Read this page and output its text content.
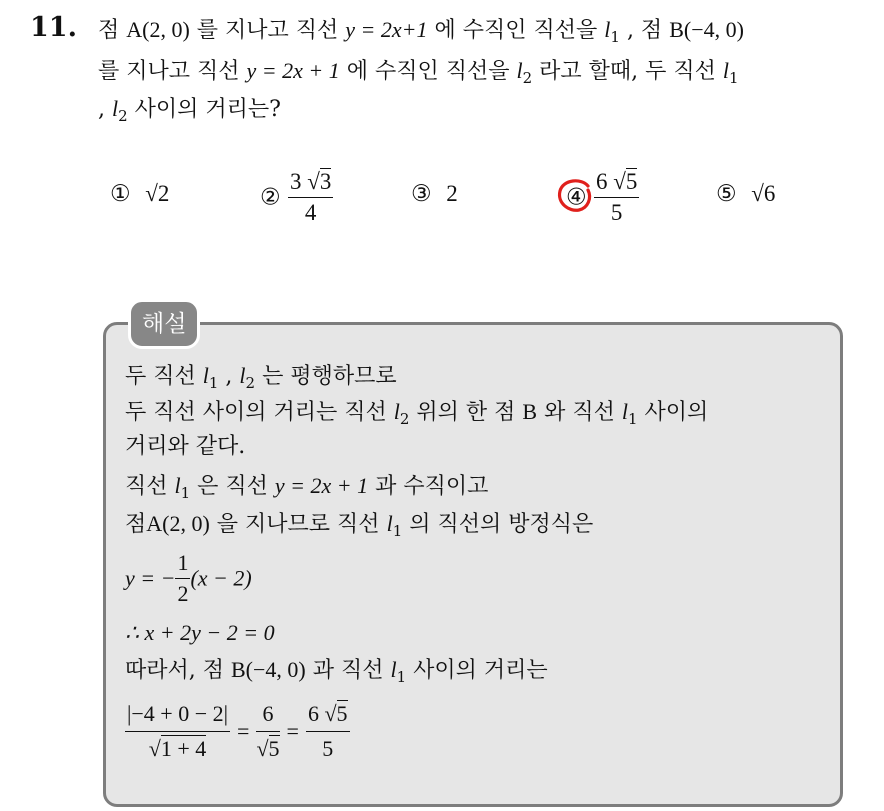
11. 점 A(2, 0) 를 지나고 직선 y = 2x+1 에 수직인 직선을 $l_1$ , 점 B(−4, 0)
를 지나고 직선 y = 2x + 1 에 수직인 직선을 $l_2$ 라고 할때, 두 직선 $l_1$
, $l_2$ 사이의 거리는?
① √2	② $\frac{3 √3}{4}$	③ 2	④ $\frac{6 √5}{5}$	⑤ √6
해설
두 직선 $l_1$ , $l_2$ 는 평행하므로
두 직선 사이의 거리는 직선 $l_2$ 위의 한 점 B 와 직선 $l_1$ 사이의
거리와 같다.
직선 $l_1$ 은 직선 y = 2x + 1 과 수직이고
점A(2, 0) 을 지나므로 직선 $l_1$ 의 직선의 방정식은
y = − $\frac{1}{2} (x - 2)$
∴ x + 2y − 2 = 0
따라서, 점 B(−4, 0) 과 직선 $l_1$ 사이의 거리는
$\frac{|-4 + 0 - 2|}{√1 + 4} = \frac{6}{√5} = \frac{6 √5}{5}$
